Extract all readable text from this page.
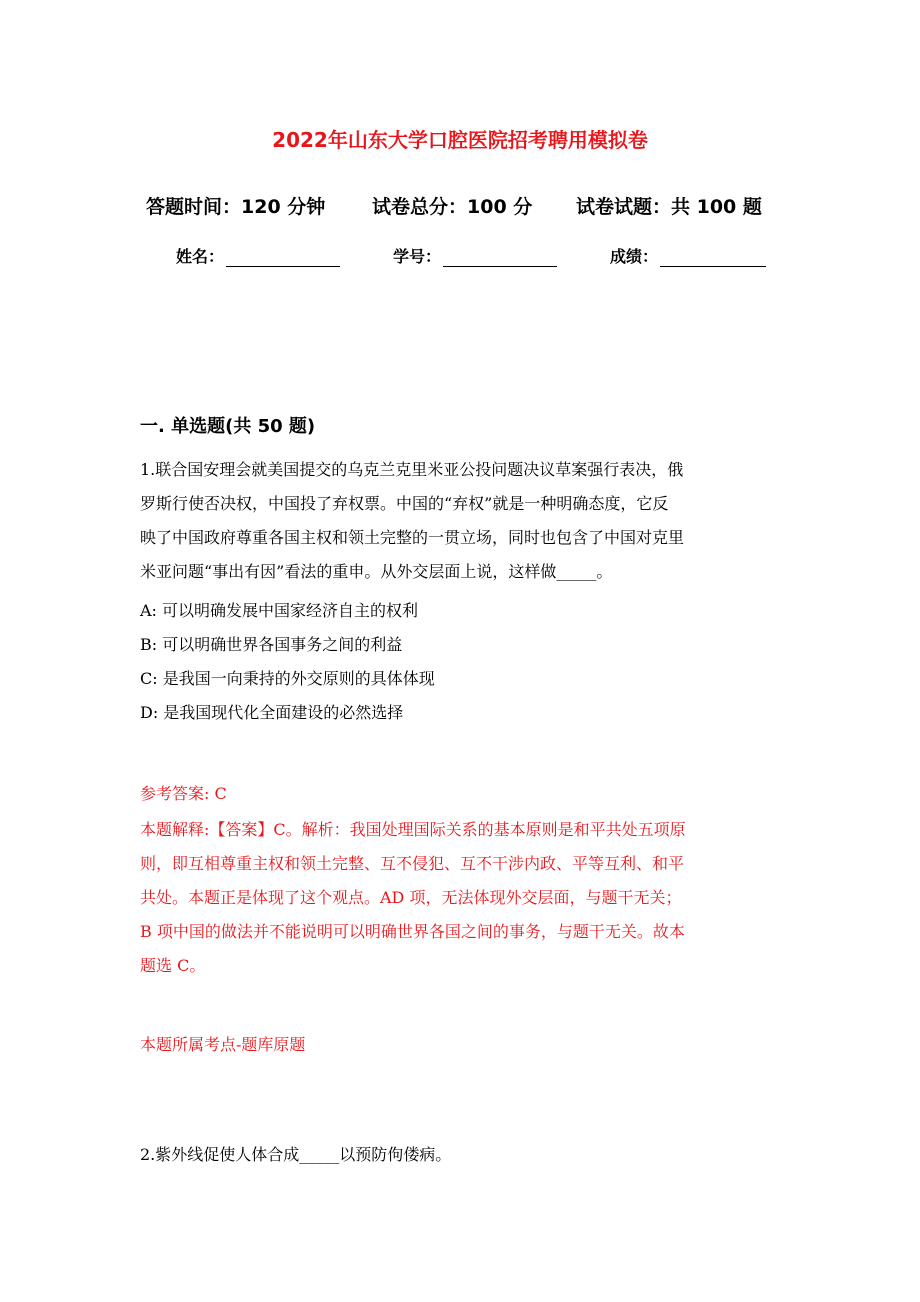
2022年山东大学口腔医院招考聘用模拟卷
答题时间：120 分钟 试卷总分：100 分 试卷试题：共 100 题
姓名：	学号：	成绩：
一. 单选题(共 50 题)
1.联合国安理会就美国提交的乌克兰克里米亚公投问题决议草案强行表决，俄
罗斯行使否决权，中国投了弃权票。中国的“弃权”就是一种明确态度，它反
映了中国政府尊重各国主权和领土完整的一贯立场，同时也包含了中国对克里
米亚问题“事出有因”看法的重申。从外交层面上说，这样做_____。
A: 可以明确发展中国家经济自主的权利
B: 可以明确世界各国事务之间的利益
C: 是我国一向秉持的外交原则的具体体现
D: 是我国现代化全面建设的必然选择
参考答案: C
本题解释:【答案】C。解析：我国处理国际关系的基本原则是和平共处五项原
则，即互相尊重主权和领土完整、互不侵犯、互不干涉内政、平等互利、和平
共处。本题正是体现了这个观点。AD 项，无法体现外交层面，与题干无关；
B 项中国的做法并不能说明可以明确世界各国之间的事务，与题干无关。故本
题选 C。
本题所属考点-题库原题
2.紫外线促使人体合成_____以预防佝偻病。
